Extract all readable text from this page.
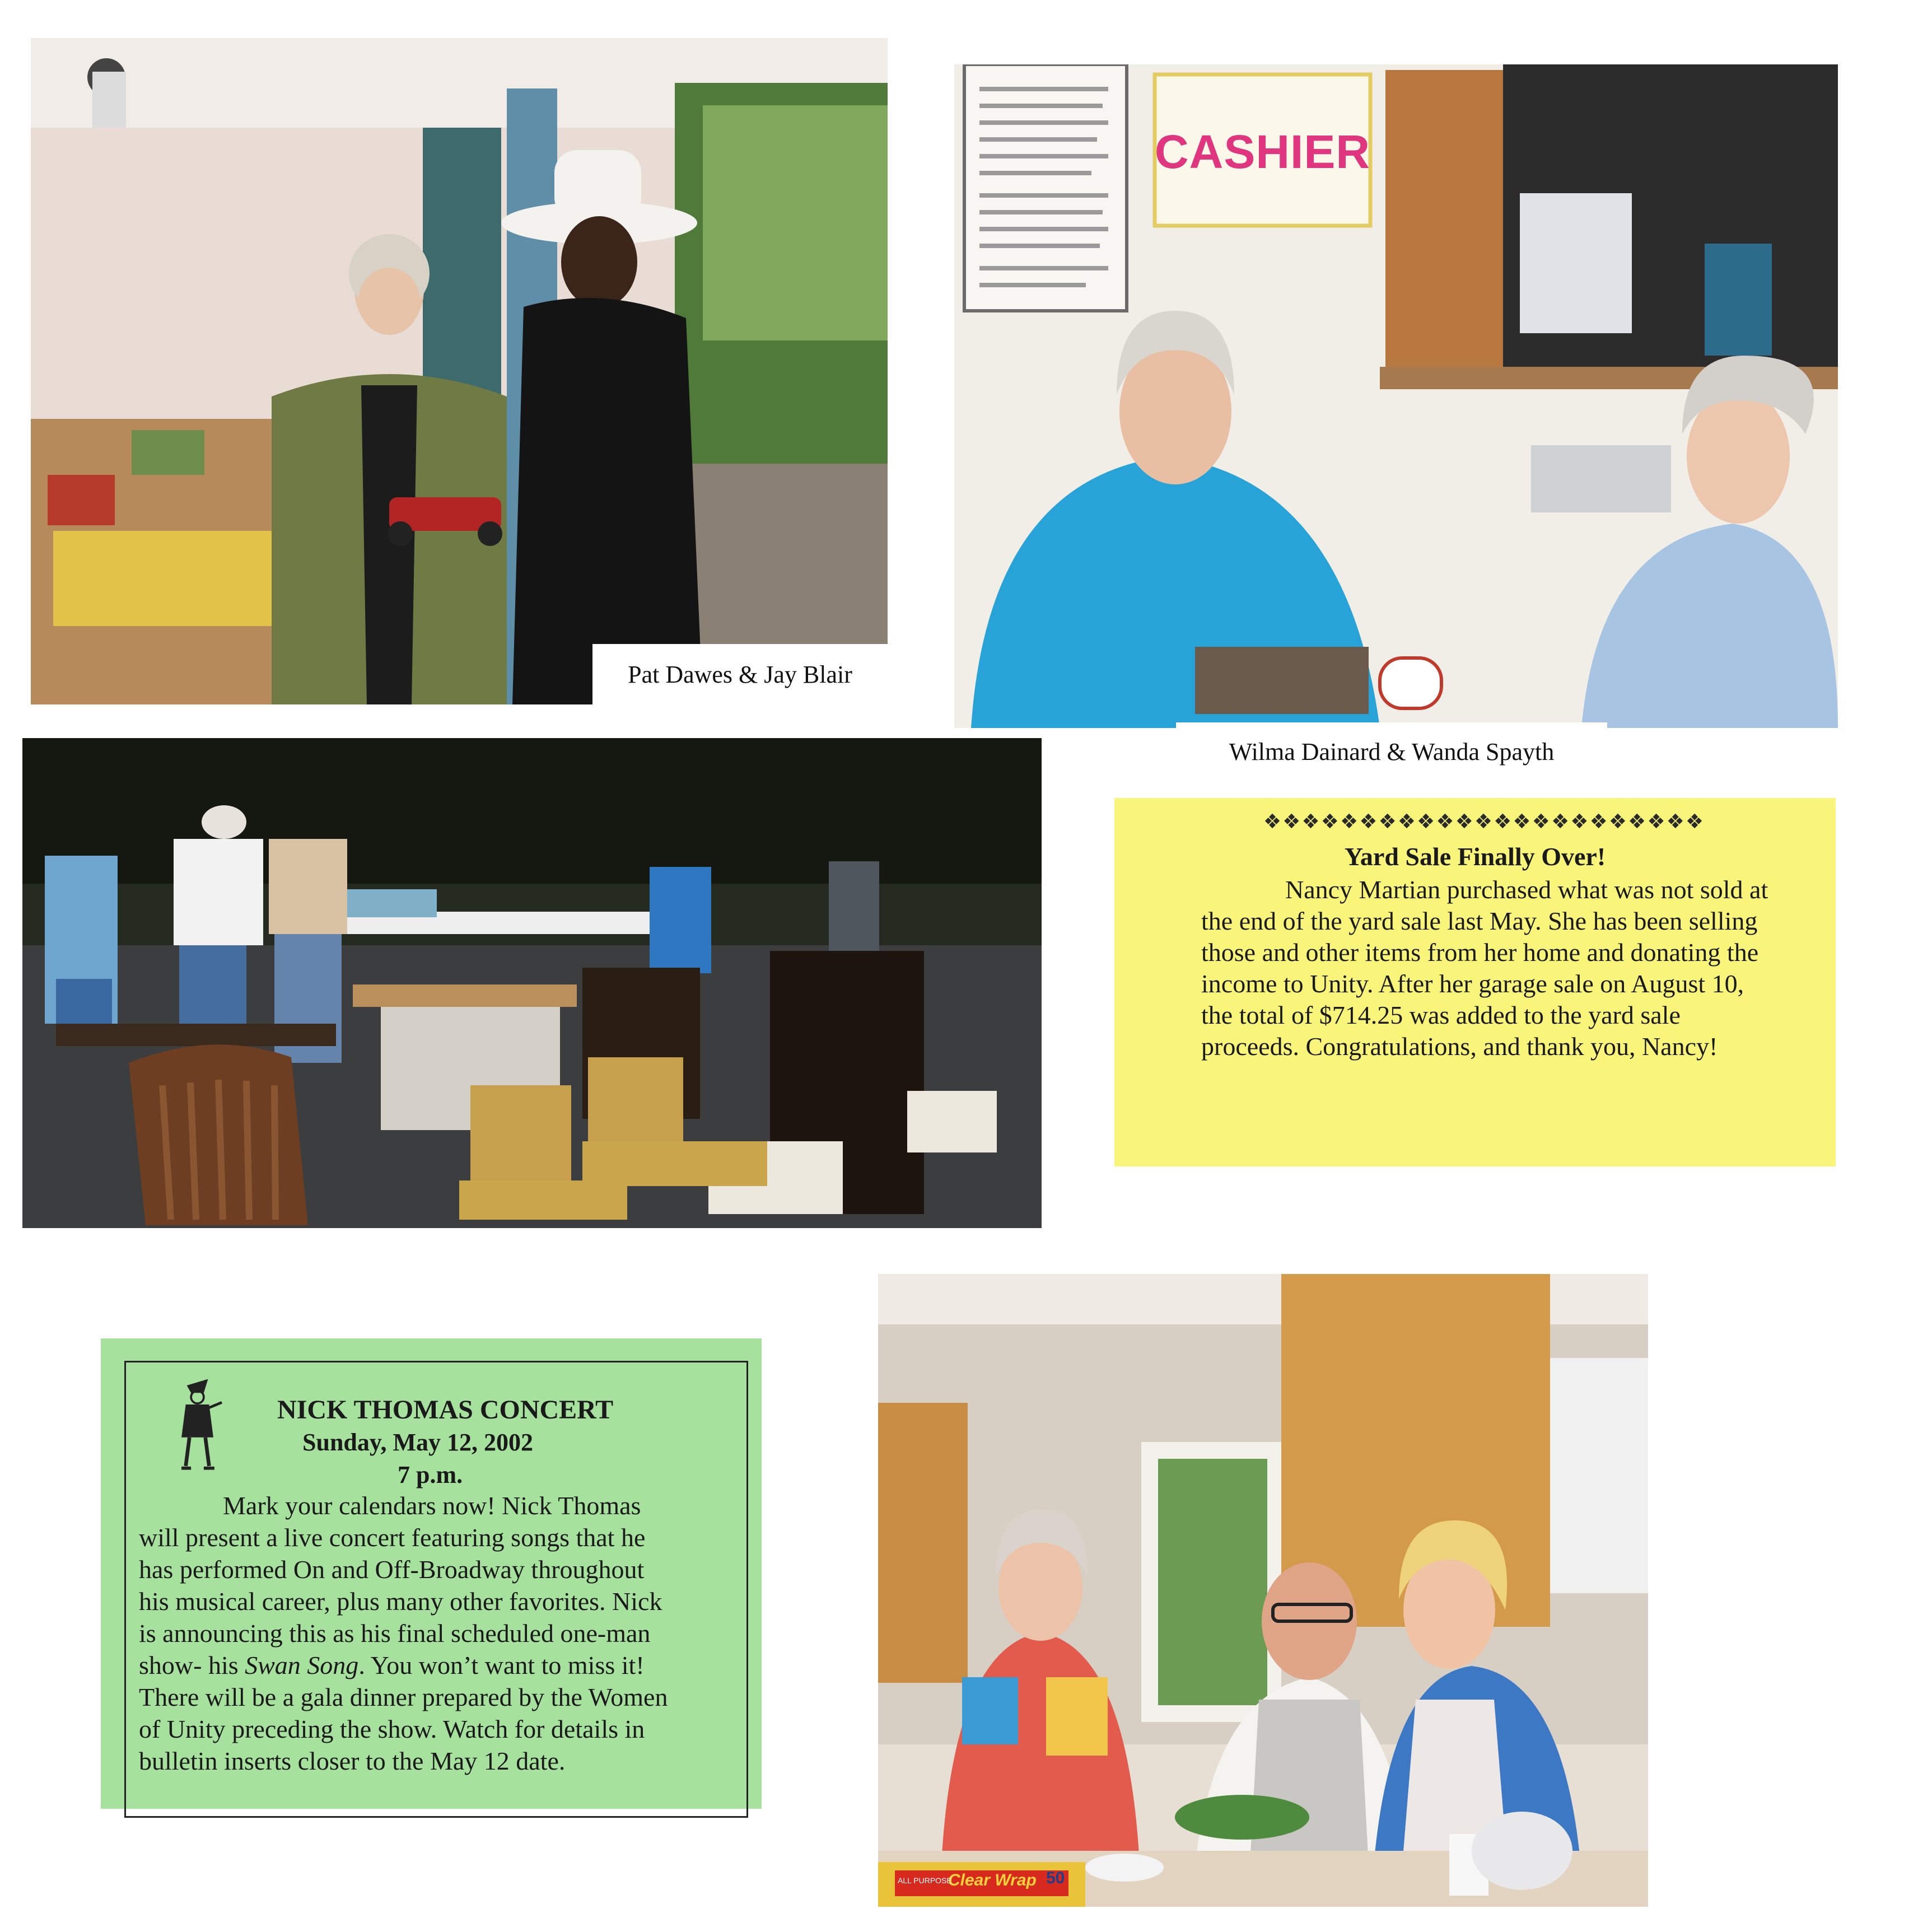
Pat Dawes & Jay Blair
CASHIER
Wilma Dainard & Wanda Spayth
❖❖❖❖❖❖❖❖❖❖❖❖❖❖❖❖❖❖❖❖❖❖❖
Yard Sale Finally Over!

Nancy Martian purchased what was not sold at

the end of the yard sale last May. She has been selling

those and other items from her home and donating the

income to Unity. After her garage sale on August 10,

the total of $714.25 was added to the yard sale

proceeds. Congratulations, and thank you, Nancy!

NICK THOMAS CONCERT
Sunday, May 12, 2002
7 p.m.

Mark your calendars now! Nick Thomas

will present a live concert featuring songs that he

has performed On and Off-Broadway throughout

his musical career, plus many other favorites. Nick

is announcing this as his final scheduled one-man

show- his Swan Song. You won’t want to miss it!

There will be a gala dinner prepared by the Women

of Unity preceding the show. Watch for details in

bulletin inserts closer to the May 12 date.

Clear Wrap
ALL PURPOSE	50
